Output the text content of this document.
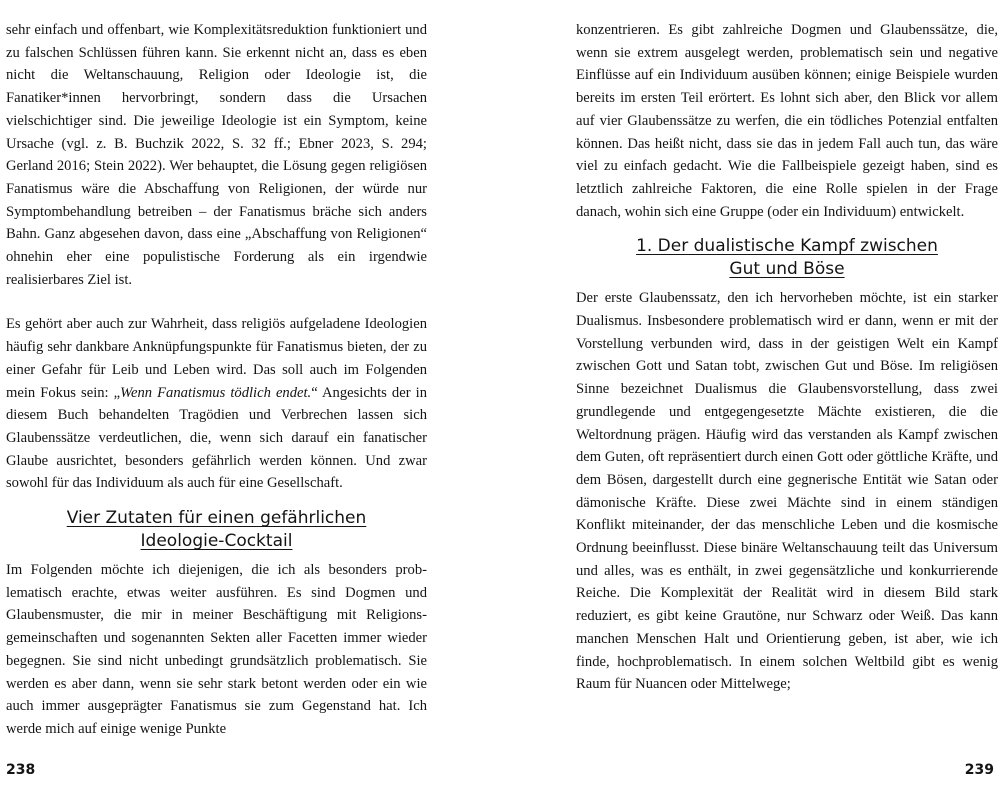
sehr einfach und offenbart, wie Komplexitätsreduktion funktioniert und zu falschen Schlüssen führen kann. Sie erkennt nicht an, dass es eben nicht die Weltanschauung, Religion oder Ideologie ist, die Fanatiker*innen hervorbringt, sondern dass die Ursachen vielschichtiger sind. Die jeweilige Ideologie ist ein Symptom, keine Ursache (vgl. z. B. Buchzik 2022, S. 32 ff.; Ebner 2023, S. 294; Gerland 2016; Stein 2022). Wer behauptet, die Lösung gegen religiösen Fanatismus wäre die Abschaffung von Religionen, der würde nur Symptombehandlung betreiben – der Fanatismus bräche sich anders Bahn. Ganz abgesehen davon, dass eine „Abschaffung von Religionen“ ohnehin eher eine populistische Forderung als ein irgendwie realisierbares Ziel ist.

Es gehört aber auch zur Wahrheit, dass religiös aufgeladene Ideologien häufig sehr dankbare Anknüpfungspunkte für Fanatismus bieten, der zu einer Gefahr für Leib und Leben wird. Das soll auch im Folgenden mein Fokus sein: „Wenn Fanatismus tödlich endet.“ Angesichts der in diesem Buch behandelten Tragödien und Verbrechen lassen sich Glaubenssätze verdeutlichen, die, wenn sich darauf ein fanatischer Glaube ausrichtet, besonders gefährlich werden können. Und zwar sowohl für das Individuum als auch für eine Gesellschaft.

Vier Zutaten für einen gefährlichen
Ideologie-Cocktail

Im Folgenden möchte ich diejenigen, die ich als besonders problematisch erachte, etwas weiter ausführen. Es sind Dogmen und Glaubensmuster, die mir in meiner Beschäftigung mit Religionsgemeinschaften und sogenannten Sekten aller Facetten immer wieder begegnen. Sie sind nicht unbedingt grundsätzlich problematisch. Sie werden es aber dann, wenn sie sehr stark betont werden oder ein wie auch immer ausgeprägter Fanatismus sie zum Gegenstand hat. Ich werde mich auf einige wenige Punkte

238

konzentrieren. Es gibt zahlreiche Dogmen und Glaubenssätze, die, wenn sie extrem ausgelegt werden, problematisch sein und negative Einflüsse auf ein Individuum ausüben können; einige Beispiele wurden bereits im ersten Teil erörtert. Es lohnt sich aber, den Blick vor allem auf vier Glaubenssätze zu werfen, die ein tödliches Potenzial entfalten können. Das heißt nicht, dass sie das in jedem Fall auch tun, das wäre viel zu einfach gedacht. Wie die Fallbeispiele gezeigt haben, sind es letztlich zahlreiche Faktoren, die eine Rolle spielen in der Frage danach, wohin sich eine Gruppe (oder ein Individuum) entwickelt.

1. Der dualistische Kampf zwischen
Gut und Böse

Der erste Glaubenssatz, den ich hervorheben möchte, ist ein starker Dualismus. Insbesondere problematisch wird er dann, wenn er mit der Vorstellung verbunden wird, dass in der geistigen Welt ein Kampf zwischen Gott und Satan tobt, zwischen Gut und Böse. Im religiösen Sinne bezeichnet Dualismus die Glaubensvorstellung, dass zwei grundlegende und entgegengesetzte Mächte existieren, die die Weltordnung prägen. Häufig wird das verstanden als Kampf zwischen dem Guten, oft repräsentiert durch einen Gott oder göttliche Kräfte, und dem Bösen, dargestellt durch eine gegnerische Entität wie Satan oder dämonische Kräfte. Diese zwei Mächte sind in einem ständigen Konflikt miteinander, der das menschliche Leben und die kosmische Ordnung beeinflusst. Diese binäre Weltanschauung teilt das Universum und alles, was es enthält, in zwei gegensätzliche und konkurrierende Reiche. Die Komplexität der Realität wird in diesem Bild stark reduziert, es gibt keine Grautöne, nur Schwarz oder Weiß. Das kann manchen Menschen Halt und Orientierung geben, ist aber, wie ich finde, hochproblematisch. In einem solchen Weltbild gibt es wenig Raum für Nuancen oder Mittelwege;

239
